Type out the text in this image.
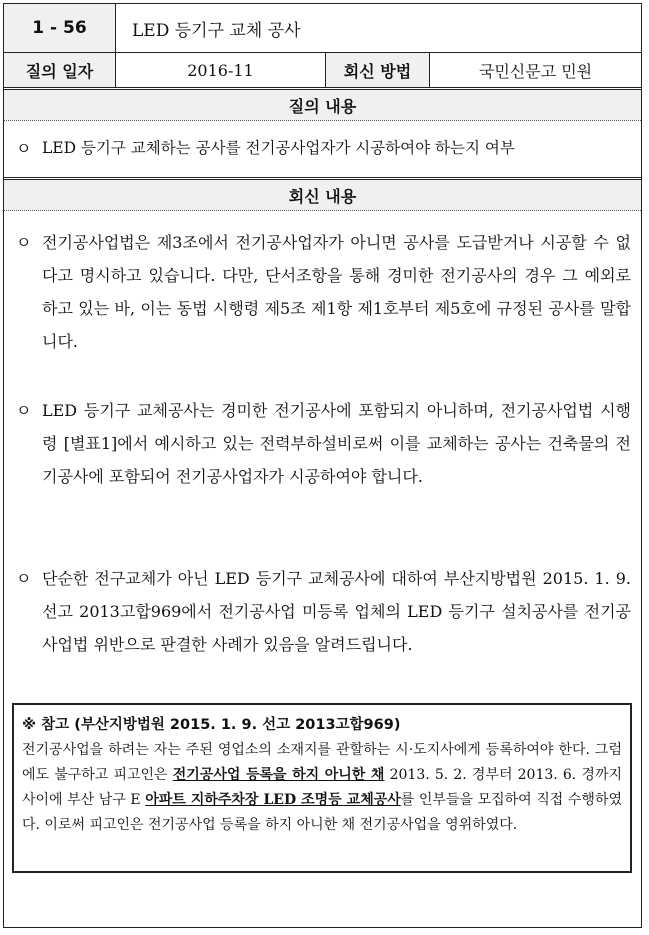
1 - 56	LED 등기구 교체 공사
질의 일자	2016-11	회신 방법	국민신문고 민원
질의 내용
ㅇ LED 등기구 교체하는 공사를 전기공사업자가 시공하여야 하는지 여부
회신 내용
ㅇ 전기공사업법은 제3조에서 전기공사업자가 아니면 공사를 도급받거나 시공할 수 없다고 명시하고 있습니다. 다만, 단서조항을 통해 경미한 전기공사의 경우 그 예외로 하고 있는 바, 이는 동법 시행령 제5조 제1항 제1호부터 제5호에 규정된 공사를 말합니다.
ㅇ LED 등기구 교체공사는 경미한 전기공사에 포함되지 아니하며, 전기공사업법 시행령 [별표1]에서 예시하고 있는 전력부하설비로써 이를 교체하는 공사는 건축물의 전기공사에 포함되어 전기공사업자가 시공하여야 합니다.
ㅇ 단순한 전구교체가 아닌 LED 등기구 교체공사에 대하여 부산지방법원 2015. 1. 9. 선고 2013고합969에서 전기공사업 미등록 업체의 LED 등기구 설치공사를 전기공사업법 위반으로 판결한 사례가 있음을 알려드립니다.
※ 참고 (부산지방법원 2015. 1. 9. 선고 2013고합969)
전기공사업을 하려는 자는 주된 영업소의 소재지를 관할하는 시·도지사에게 등록하여야 한다. 그럼에도 불구하고 피고인은 전기공사업 등록을 하지 아니한 채 2013. 5. 2. 경부터 2013. 6. 경까지 사이에 부산 남구 E 아파트 지하주차장 LED 조명등 교체공사를 인부들을 모집하여 직접 수행하였다. 이로써 피고인은 전기공사업 등록을 하지 아니한 채 전기공사업을 영위하였다.
